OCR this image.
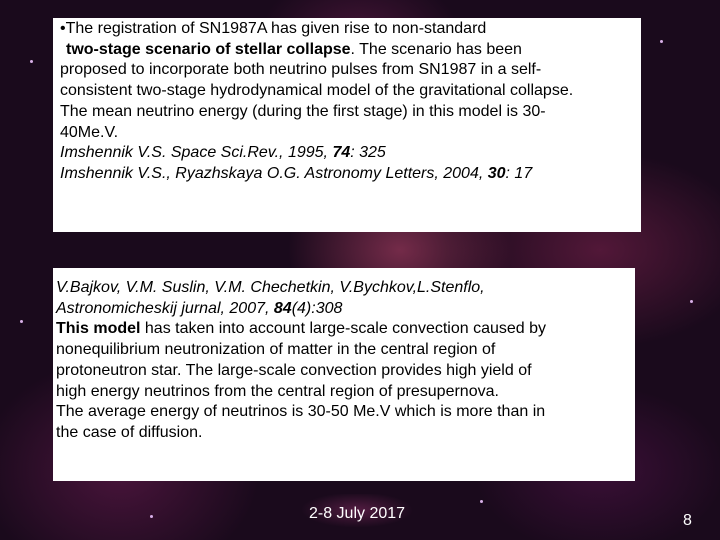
•The registration of SN1987A has given rise to non-standard
two-stage scenario of stellar collapse. The scenario has been
proposed to incorporate both neutrino pulses from SN1987 in a self-
consistent two-stage hydrodynamical model of the gravitational collapse.
The mean neutrino energy (during the first stage) in this model is 30-
40Me.V.
Imshennik V.S. Space Sci.Rev., 1995, 74: 325
Imshennik V.S., Ryazhskaya O.G. Astronomy Letters, 2004, 30: 17
V.Bajkov, V.M. Suslin, V.M. Chechetkin, V.Bychkov,L.Stenflo,
Astronomicheskij jurnal, 2007, 84(4):308
This model has taken into account large-scale convection caused by
nonequilibrium neutronization of matter in the central region of
protoneutron star. The large-scale convection provides high yield of
high energy neutrinos from the central region of presupernova.
The average energy of neutrinos is 30-50 Me.V which is more than in
the case of diffusion.
2-8 July 2017	8
